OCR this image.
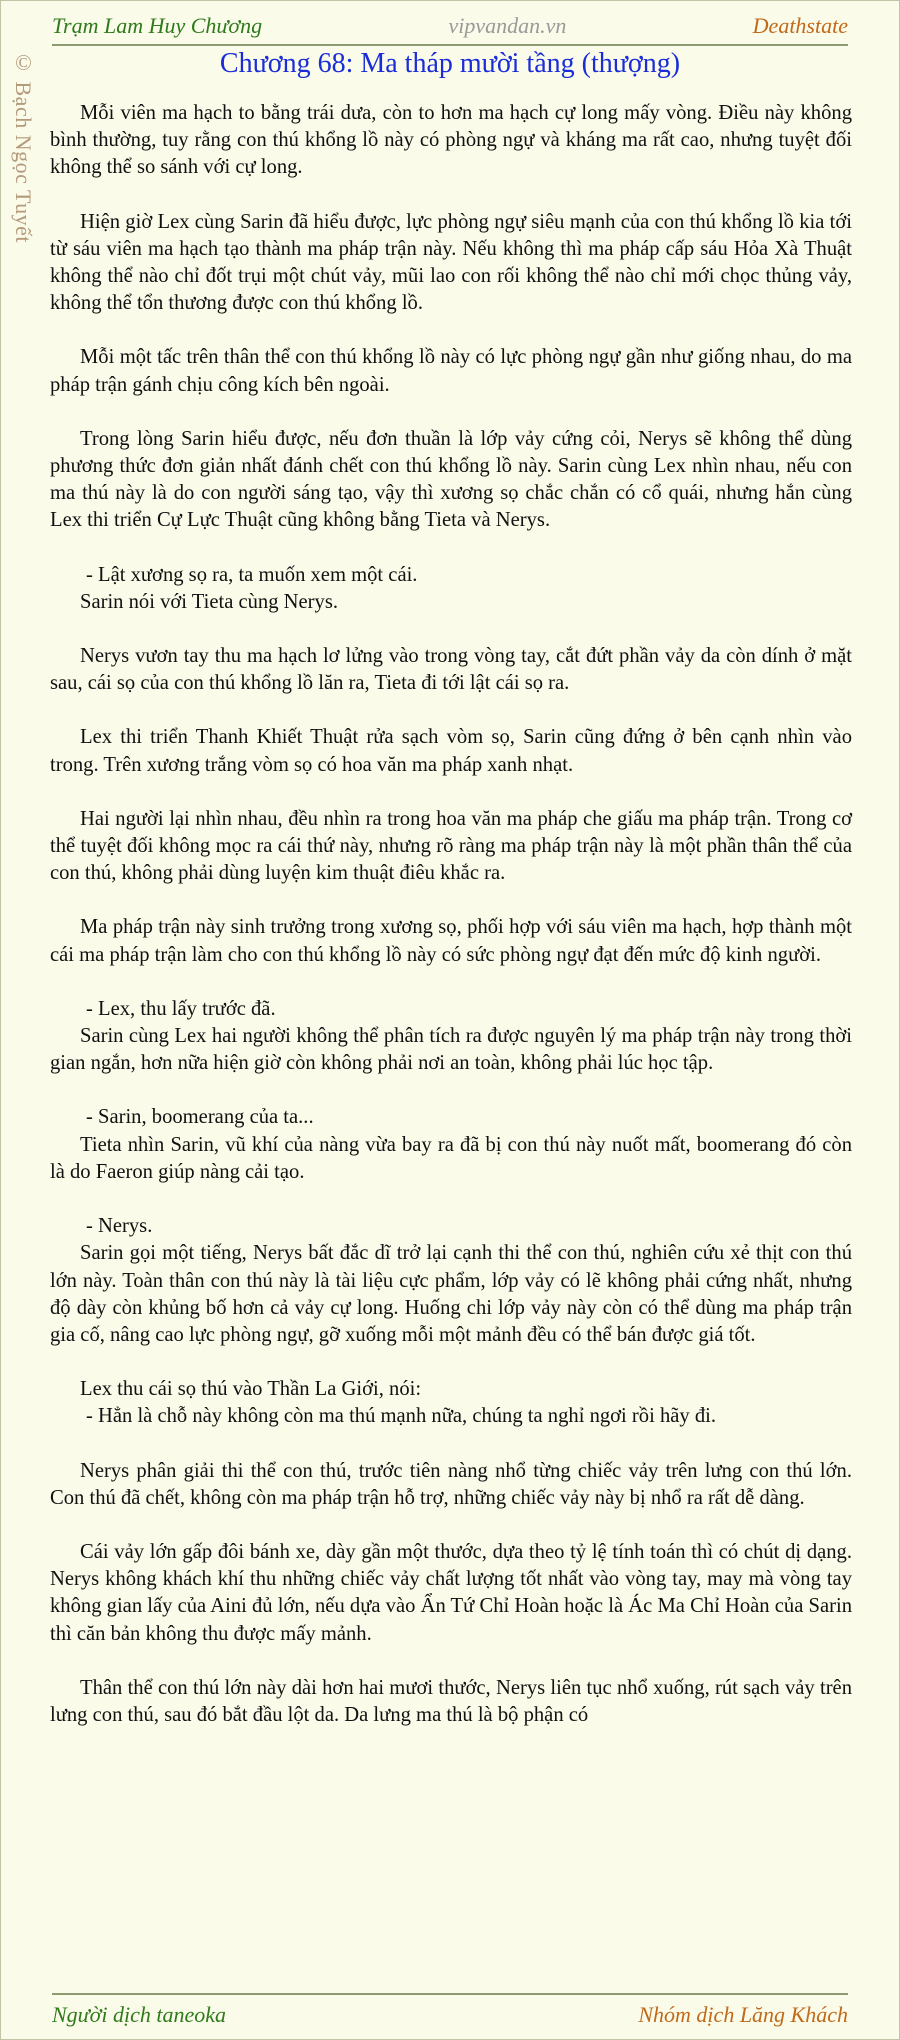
Trạm Lam Huy Chương	vipvandan.vn	Deathstate
© Bạch Ngọc Tuyết	Chương 68: Ma tháp mười tầng (thượng)

Mỗi viên ma hạch to bằng trái dưa, còn to hơn ma hạch cự long mấy vòng. Điều này không bình thường, tuy rằng con thú khổng lồ này có phòng ngự và kháng ma rất cao, nhưng tuyệt đối không thể so sánh với cự long.

Hiện giờ Lex cùng Sarin đã hiểu được, lực phòng ngự siêu mạnh của con thú khổng lồ kia tới từ sáu viên ma hạch tạo thành ma pháp trận này. Nếu không thì ma pháp cấp sáu Hỏa Xà Thuật không thể nào chỉ đốt trụi một chút vảy, mũi lao con rối không thể nào chỉ mới chọc thủng vảy, không thể tổn thương được con thú khổng lồ.

Mỗi một tấc trên thân thể con thú khổng lồ này có lực phòng ngự gần như giống nhau, do ma pháp trận gánh chịu công kích bên ngoài.

Trong lòng Sarin hiểu được, nếu đơn thuần là lớp vảy cứng cỏi, Nerys sẽ không thể dùng phương thức đơn giản nhất đánh chết con thú khổng lồ này. Sarin cùng Lex nhìn nhau, nếu con ma thú này là do con người sáng tạo, vậy thì xương sọ chắc chắn có cổ quái, nhưng hắn cùng Lex thi triển Cự Lực Thuật cũng không bằng Tieta và Nerys.

- Lật xương sọ ra, ta muốn xem một cái.

Sarin nói với Tieta cùng Nerys.

Nerys vươn tay thu ma hạch lơ lửng vào trong vòng tay, cắt đứt phần vảy da còn dính ở mặt sau, cái sọ của con thú khổng lồ lăn ra, Tieta đi tới lật cái sọ ra.

Lex thi triển Thanh Khiết Thuật rửa sạch vòm sọ, Sarin cũng đứng ở bên cạnh nhìn vào trong. Trên xương trắng vòm sọ có hoa văn ma pháp xanh nhạt.

Hai người lại nhìn nhau, đều nhìn ra trong hoa văn ma pháp che giấu ma pháp trận. Trong cơ thể tuyệt đối không mọc ra cái thứ này, nhưng rõ ràng ma pháp trận này là một phần thân thể của con thú, không phải dùng luyện kim thuật điêu khắc ra.

Ma pháp trận này sinh trưởng trong xương sọ, phối hợp với sáu viên ma hạch, hợp thành một cái ma pháp trận làm cho con thú khổng lồ này có sức phòng ngự đạt đến mức độ kinh người.

- Lex, thu lấy trước đã.

Sarin cùng Lex hai người không thể phân tích ra được nguyên lý ma pháp trận này trong thời gian ngắn, hơn nữa hiện giờ còn không phải nơi an toàn, không phải lúc học tập.

- Sarin, boomerang của ta...

Tieta nhìn Sarin, vũ khí của nàng vừa bay ra đã bị con thú này nuốt mất, boomerang đó còn là do Faeron giúp nàng cải tạo.

- Nerys.

Sarin gọi một tiếng, Nerys bất đắc dĩ trở lại cạnh thi thể con thú, nghiên cứu xẻ thịt con thú lớn này. Toàn thân con thú này là tài liệu cực phẩm, lớp vảy có lẽ không phải cứng nhất, nhưng độ dày còn khủng bố hơn cả vảy cự long. Huống chi lớp vảy này còn có thể dùng ma pháp trận gia cố, nâng cao lực phòng ngự, gỡ xuống mỗi một mảnh đều có thể bán được giá tốt.

Lex thu cái sọ thú vào Thần La Giới, nói:

- Hẳn là chỗ này không còn ma thú mạnh nữa, chúng ta nghỉ ngơi rồi hãy đi.

Nerys phân giải thi thể con thú, trước tiên nàng nhổ từng chiếc vảy trên lưng con thú lớn. Con thú đã chết, không còn ma pháp trận hỗ trợ, những chiếc vảy này bị nhổ ra rất dễ dàng.

Cái vảy lớn gấp đôi bánh xe, dày gần một thước, dựa theo tỷ lệ tính toán thì có chút dị dạng. Nerys không khách khí thu những chiếc vảy chất lượng tốt nhất vào vòng tay, may mà vòng tay không gian lấy của Aini đủ lớn, nếu dựa vào Ẩn Tứ Chỉ Hoàn hoặc là Ác Ma Chỉ Hoàn của Sarin thì căn bản không thu được mấy mảnh.

Thân thể con thú lớn này dài hơn hai mươi thước, Nerys liên tục nhổ xuống, rút sạch vảy trên lưng con thú, sau đó bắt đầu lột da. Da lưng ma thú là bộ phận có

Người dịch taneoka	Nhóm dịch Lăng Khách
